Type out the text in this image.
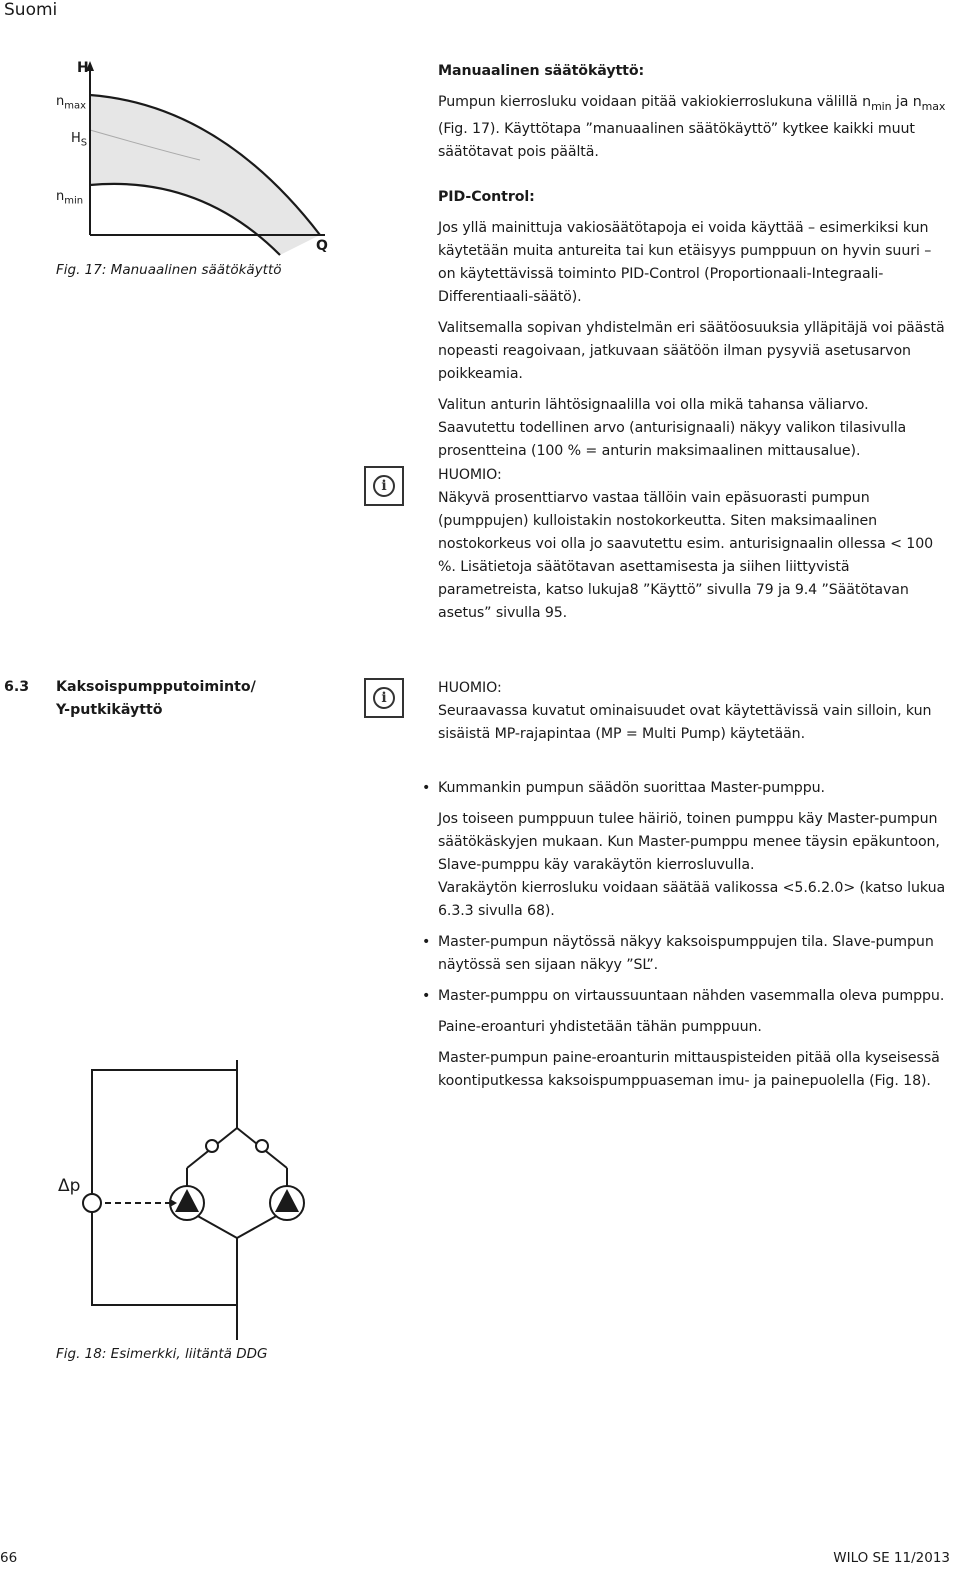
Suomi
H
$n_{max}$
$H_S$
$n_{min}$
Q
Fig. 17: Manuaalinen säätökäyttö

Manuaalinen säätökäyttö:

Pumpun kierrosluku voidaan pitää vakiokierroslukuna välillä $n_{min}$ ja $n_{max}$ (Fig. 17). Käyttötapa ”manuaalinen säätökäyttö” kytkee kaikki muut säätötavat pois päältä.

PID-Control:

Jos yllä mainittuja vakiosäätötapoja ei voida käyttää – esimerkiksi kun käytetään muita antureita tai kun etäisyys pumppuun on hyvin suuri – on käytettävissä toiminto PID-Control (Proportionaali-Integraali-Differentiaali-säätö).

Valitsemalla sopivan yhdistelmän eri säätöosuuksia ylläpitäjä voi päästä nopeasti reagoivaan, jatkuvaan säätöön ilman pysyviä asetusarvon poikkeamia.

Valitun anturin lähtösignaalilla voi olla mikä tahansa väliarvo. Saavutettu todellinen arvo (anturisignaali) näkyy valikon tilasivulla prosentteina (100 % = anturin maksimaalinen mittausalue).

i

HUOMIO:

Näkyvä prosenttiarvo vastaa tällöin vain epäsuorasti pumpun (pumppujen) kulloistakin nostokorkeutta. Siten maksimaalinen nostokorkeus voi olla jo saavutettu esim. anturisignaalin ollessa < 100 %. Lisätietoja säätötavan asettamisesta ja siihen liittyvistä parametreista, katso lukuja8 ”Käyttö” sivulla 79 ja 9.4 ”Säätötavan asetus” sivulla 95.

6.3 Kaksoispumpputoiminto/
Y-putkikäyttö
i

HUOMIO:

Seuraavassa kuvatut ominaisuudet ovat käytettävissä vain silloin, kun sisäistä MP-rajapintaa (MP = Multi Pump) käytetään.

• Kummankin pumpun säädön suorittaa Master-pumppu.

Jos toiseen pumppuun tulee häiriö, toinen pumppu käy Master-pumpun säätökäskyjen mukaan. Kun Master-pumppu menee täysin epäkuntoon, Slave-pumppu käy varakäytön kierrosluvulla.

Varakäytön kierrosluku voidaan säätää valikossa <5.6.2.0> (katso lukua 6.3.3 sivulla 68).

• Master-pumpun näytössä näkyy kaksoispumppujen tila. Slave-pumpun näytössä sen sijaan näkyy ”SL”.

• Master-pumppu on virtaussuuntaan nähden vasemmalla oleva pumppu.

Paine-eroanturi yhdistetään tähän pumppuun.

Master-pumpun paine-eroanturin mittauspisteiden pitää olla kyseisessä koontiputkessa kaksoispumppuaseman imu- ja painepuolella (Fig. 18).

Δp
Fig. 18: Esimerkki, liitäntä DDG
66	WILO SE 11/2013
